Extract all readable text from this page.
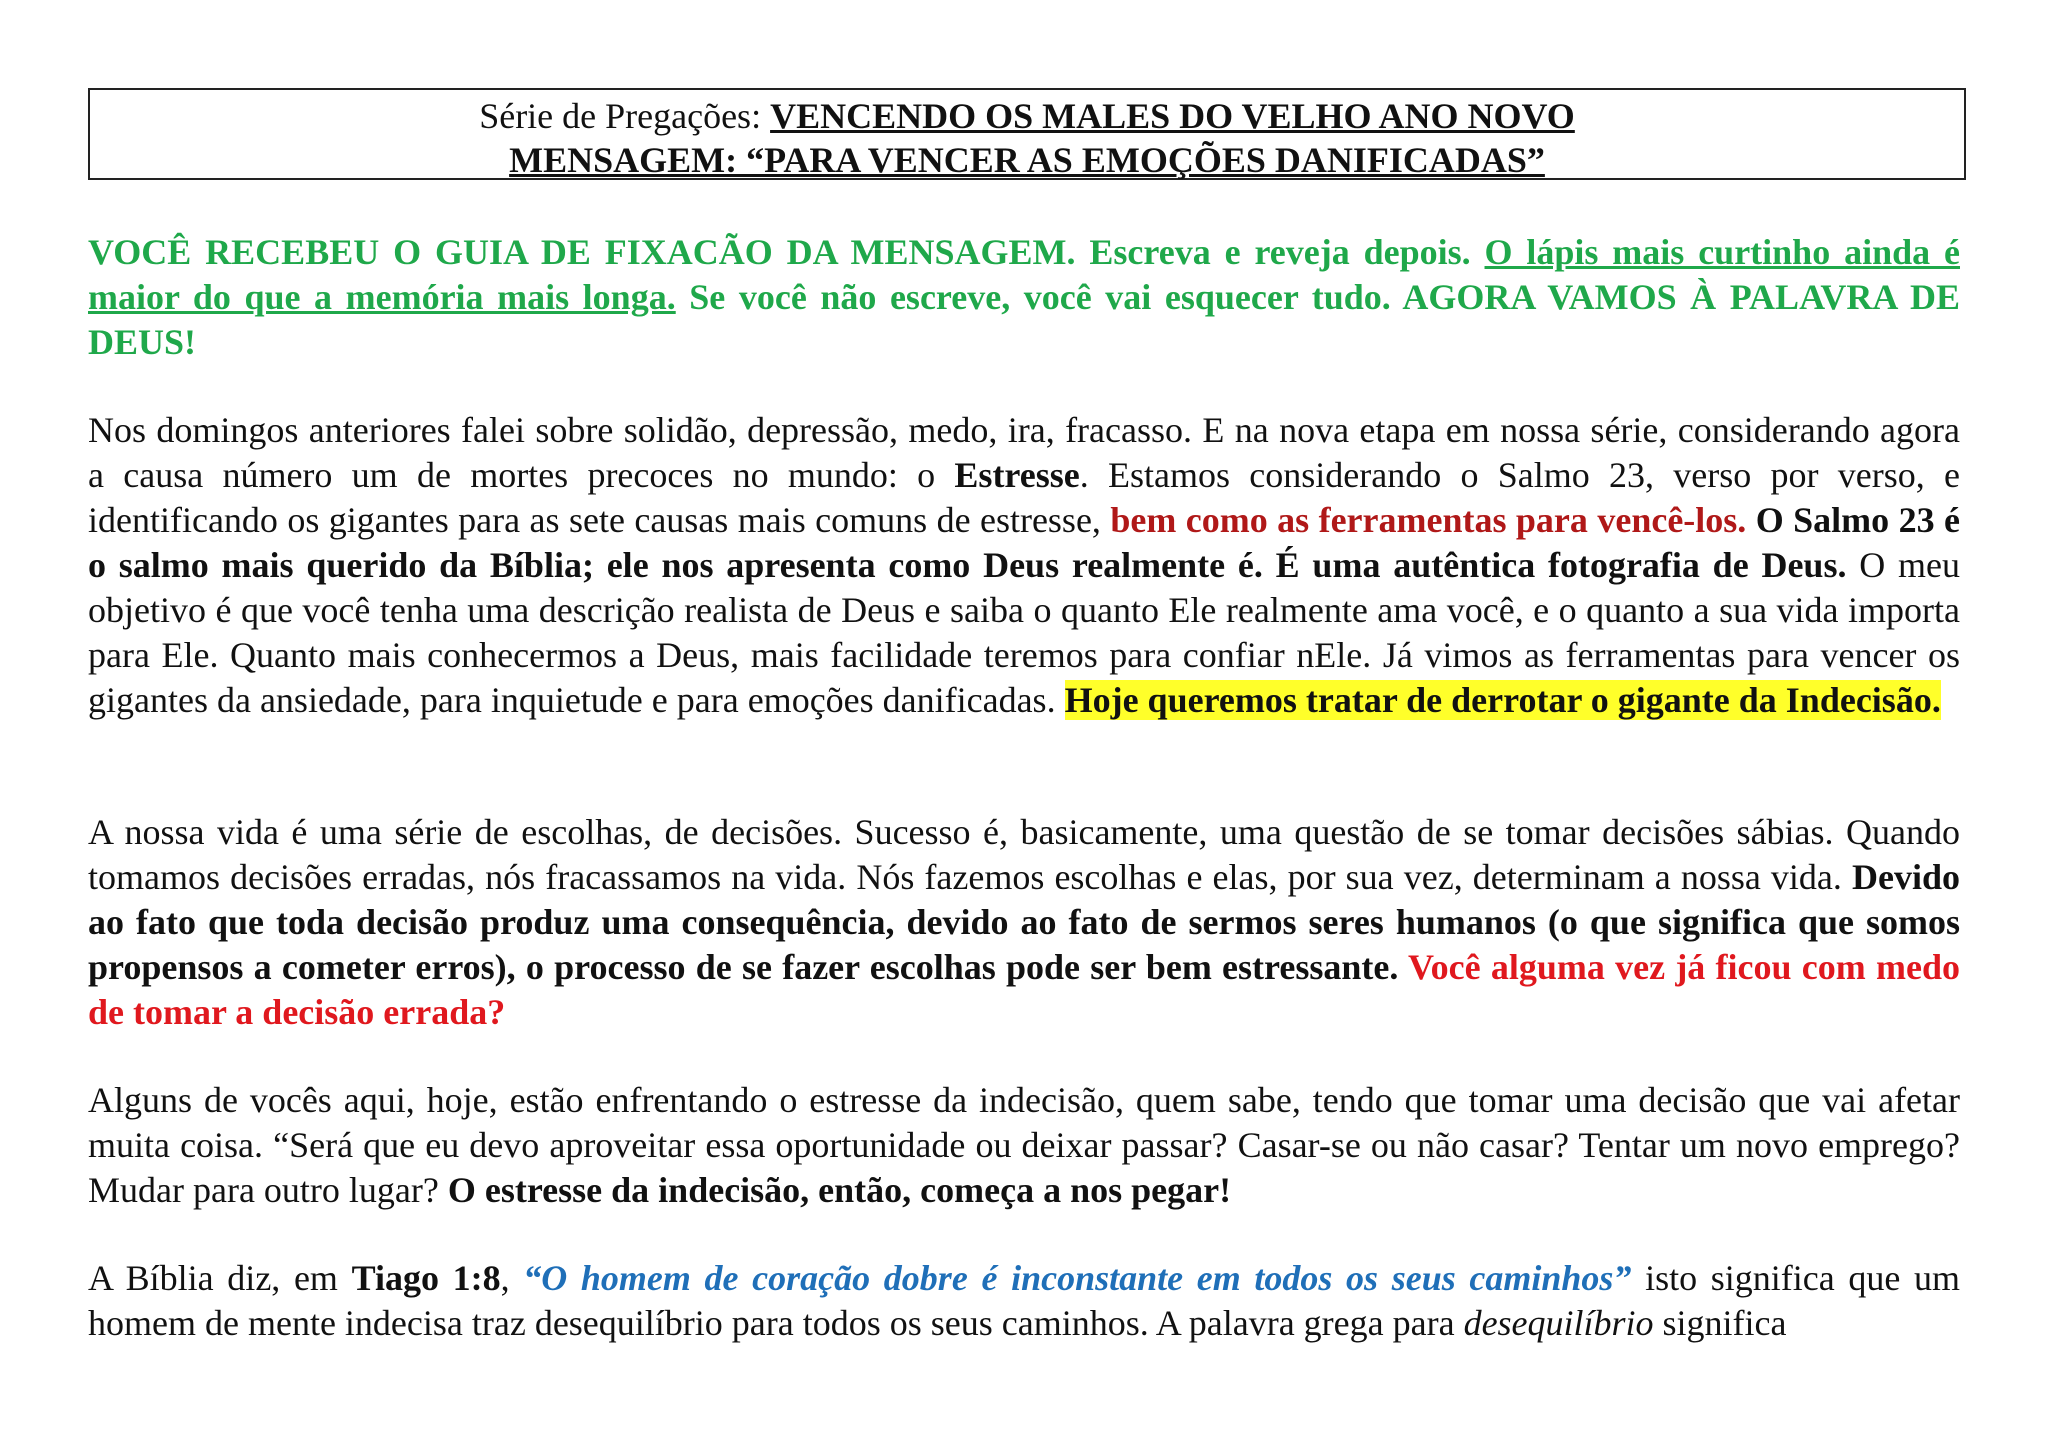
Série de Pregações: VENCENDO OS MALES DO VELHO ANO NOVO
MENSAGEM: “PARA VENCER AS EMOÇÕES DANIFICADAS”
VOCÊ RECEBEU O GUIA DE FIXACÃO DA MENSAGEM. Escreva e reveja depois. O lápis mais curtinho ainda é maior do que a memória mais longa. Se você não escreve, você vai esquecer tudo. AGORA VAMOS À PALAVRA DE DEUS!
Nos domingos anteriores falei sobre solidão, depressão, medo, ira, fracasso. E na nova etapa em nossa série, considerando agora a causa número um de mortes precoces no mundo: o Estresse. Estamos considerando o Salmo 23, verso por verso, e identificando os gigantes para as sete causas mais comuns de estresse, bem como as ferramentas para vencê-los. O Salmo 23 é o salmo mais querido da Bíblia; ele nos apresenta como Deus realmente é. É uma autêntica fotografia de Deus. O meu objetivo é que você tenha uma descrição realista de Deus e saiba o quanto Ele realmente ama você, e o quanto a sua vida importa para Ele. Quanto mais conhecermos a Deus, mais facilidade teremos para confiar nEle. Já vimos as ferramentas para vencer os gigantes da ansiedade, para inquietude e para emoções danificadas. Hoje queremos tratar de derrotar o gigante da Indecisão.
A nossa vida é uma série de escolhas, de decisões. Sucesso é, basicamente, uma questão de se tomar decisões sábias. Quando tomamos decisões erradas, nós fracassamos na vida. Nós fazemos escolhas e elas, por sua vez, determinam a nossa vida. Devido ao fato que toda decisão produz uma consequência, devido ao fato de sermos seres humanos (o que significa que somos propensos a cometer erros), o processo de se fazer escolhas pode ser bem estressante. Você alguma vez já ficou com medo de tomar a decisão errada?
Alguns de vocês aqui, hoje, estão enfrentando o estresse da indecisão, quem sabe, tendo que tomar uma decisão que vai afetar muita coisa. “Será que eu devo aproveitar essa oportunidade ou deixar passar? Casar-se ou não casar? Tentar um novo emprego? Mudar para outro lugar? O estresse da indecisão, então, começa a nos pegar!
A Bíblia diz, em Tiago 1:8, “O homem de coração dobre é inconstante em todos os seus caminhos” isto significa que um homem de mente indecisa traz desequilíbrio para todos os seus caminhos. A palavra grega para desequilíbrio significa
